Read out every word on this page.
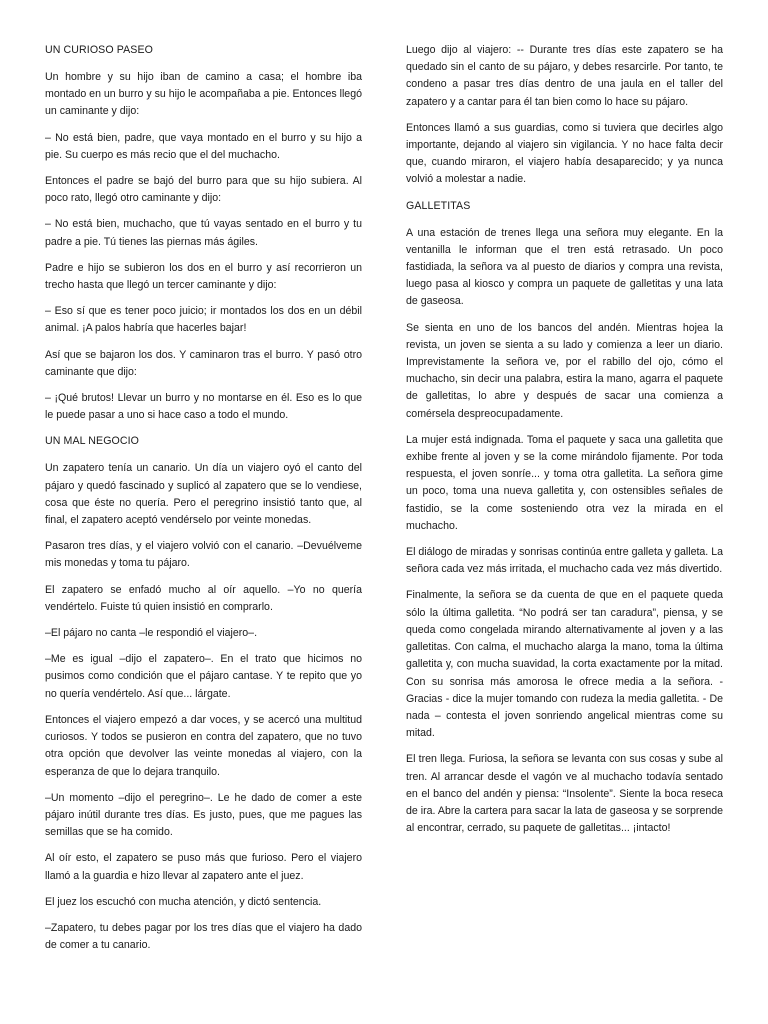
UN CURIOSO PASEO

Un hombre y su hijo iban de camino a casa; el hombre iba montado en un burro y su hijo le acompañaba a pie. Entonces llegó un caminante y dijo:

– No está bien, padre, que vaya montado en el burro y su hijo a pie. Su cuerpo es más recio que el del muchacho.

Entonces el padre se bajó del burro para que su hijo subiera. Al poco rato, llegó otro caminante y dijo:

– No está bien, muchacho, que tú vayas sentado en el burro y tu padre a pie. Tú tienes las piernas más ágiles.

Padre e hijo se subieron los dos en el burro y así recorrieron un trecho hasta que llegó un tercer caminante y dijo:

– Eso sí que es tener poco juicio; ir montados los dos en un débil animal. ¡A palos habría que hacerles bajar!

Así que se bajaron los dos. Y caminaron tras el burro. Y pasó otro caminante que dijo:

– ¡Qué brutos! Llevar un burro y no montarse en él. Eso es lo que le puede pasar a uno si hace caso a todo el mundo.

UN MAL NEGOCIO

Un zapatero tenía un canario. Un día un viajero oyó el canto del pájaro y quedó fascinado y suplicó al zapatero que se lo vendiese, cosa que éste no quería. Pero el peregrino insistió tanto que, al final, el zapatero aceptó vendérselo por veinte monedas.

Pasaron tres días, y el viajero volvió con el canario. –Devuélveme mis monedas y toma tu pájaro.

El zapatero se enfadó mucho al oír aquello. –Yo no quería vendértelo. Fuiste tú quien insistió en comprarlo.

–El pájaro no canta –le respondió el viajero–.

–Me es igual –dijo el zapatero–. En el trato que hicimos no pusimos como condición que el pájaro cantase. Y te repito que yo no quería vendértelo. Así que... lárgate.

Entonces el viajero empezó a dar voces, y se acercó una multitud curiosos. Y todos se pusieron en contra del zapatero, que no tuvo otra opción que devolver las veinte monedas al viajero, con la esperanza de que lo dejara tranquilo.

–Un momento –dijo el peregrino–. Le he dado de comer a este pájaro inútil durante tres días. Es justo, pues, que me pagues las semillas que se ha comido.

Al oír esto, el zapatero se puso más que furioso. Pero el viajero llamó a la guardia e hizo llevar al zapatero ante el juez.

El juez los escuchó con mucha atención, y dictó sentencia.

–Zapatero, tu debes pagar por los tres días que el viajero ha dado de comer a tu canario.

Luego dijo al viajero: -- Durante tres días este zapatero se ha quedado sin el canto de su pájaro, y debes resarcirle. Por tanto, te condeno a pasar tres días dentro de una jaula en el taller del zapatero y a cantar para él tan bien como lo hace su pájaro.

Entonces llamó a sus guardias, como si tuviera que decirles algo importante, dejando al viajero sin vigilancia. Y no hace falta decir que, cuando miraron, el viajero había desaparecido; y ya nunca volvió a molestar a nadie.

GALLETITAS

A una estación de trenes llega una señora muy elegante. En la ventanilla le informan que el tren está retrasado. Un poco fastidiada, la señora va al puesto de diarios y compra una revista, luego pasa al kiosco y compra un paquete de galletitas y una lata de gaseosa.

Se sienta en uno de los bancos del andén. Mientras hojea la revista, un joven se sienta a su lado y comienza a leer un diario. Imprevistamente la señora ve, por el rabillo del ojo, cómo el muchacho, sin decir una palabra, estira la mano, agarra el paquete de galletitas, lo abre y después de sacar una comienza a comérsela despreocupadamente.

La mujer está indignada. Toma el paquete y saca una galletita que exhibe frente al joven y se la come mirándolo fijamente. Por toda respuesta, el joven sonríe... y toma otra galletita. La señora gime un poco, toma una nueva galletita y, con ostensibles señales de fastidio, se la come sosteniendo otra vez la mirada en el muchacho.

El diálogo de miradas y sonrisas continúa entre galleta y galleta. La señora cada vez más irritada, el muchacho cada vez más divertido.

Finalmente, la señora se da cuenta de que en el paquete queda sólo la última galletita. “No podrá ser tan caradura”, piensa, y se queda como congelada mirando alternativamente al joven y a las galletitas. Con calma, el muchacho alarga la mano, toma la última galletita y, con mucha suavidad, la corta exactamente por la mitad. Con su sonrisa más amorosa le ofrece media a la señora. - Gracias - dice la mujer tomando con rudeza la media galletita. - De nada – contesta el joven sonriendo angelical mientras come su mitad.

El tren llega. Furiosa, la señora se levanta con sus cosas y sube al tren. Al arrancar desde el vagón ve al muchacho todavía sentado en el banco del andén y piensa: “Insolente”. Siente la boca reseca de ira. Abre la cartera para sacar la lata de gaseosa y se sorprende al encontrar, cerrado, su paquete de galletitas... ¡intacto!
